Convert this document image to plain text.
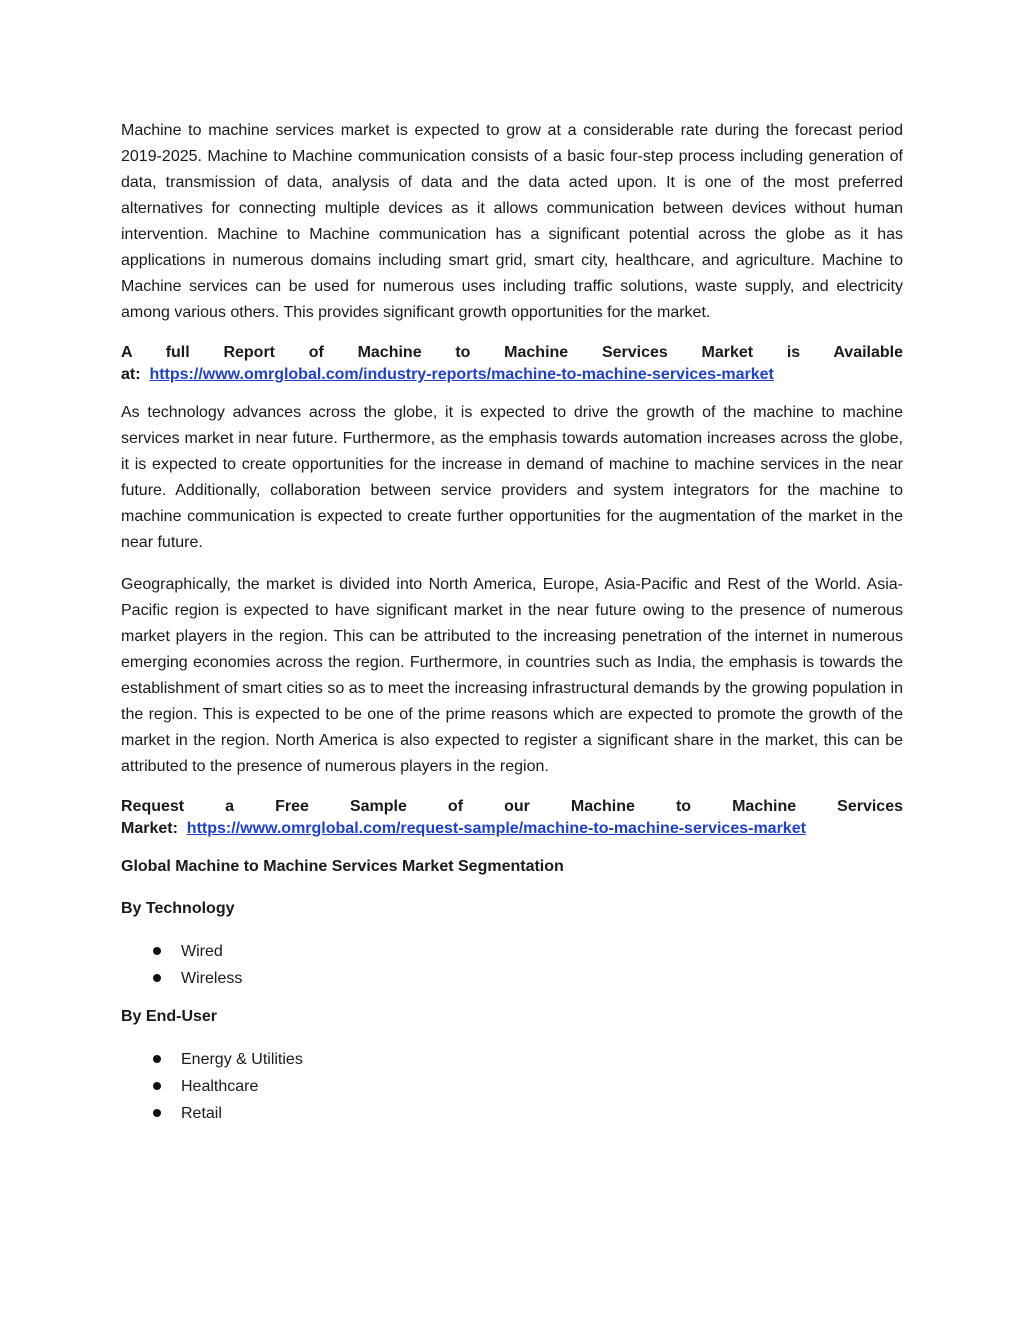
Machine to machine services market is expected to grow at a considerable rate during the forecast period 2019-2025. Machine to Machine communication consists of a basic four-step process including generation of data, transmission of data, analysis of data and the data acted upon. It is one of the most preferred alternatives for connecting multiple devices as it allows communication between devices without human intervention. Machine to Machine communication has a significant potential across the globe as it has applications in numerous domains including smart grid, smart city, healthcare, and agriculture. Machine to Machine services can be used for numerous uses including traffic solutions, waste supply, and electricity among various others. This provides significant growth opportunities for the market.

A full Report of Machine to Machine Services Market is Available
at: https://www.omrglobal.com/industry-reports/machine-to-machine-services-market

As technology advances across the globe, it is expected to drive the growth of the machine to machine services market in near future. Furthermore, as the emphasis towards automation increases across the globe, it is expected to create opportunities for the increase in demand of machine to machine services in the near future. Additionally, collaboration between service providers and system integrators for the machine to machine communication is expected to create further opportunities for the augmentation of the market in the near future.

Geographically, the market is divided into North America, Europe, Asia-Pacific and Rest of the World. Asia-Pacific region is expected to have significant market in the near future owing to the presence of numerous market players in the region. This can be attributed to the increasing penetration of the internet in numerous emerging economies across the region. Furthermore, in countries such as India, the emphasis is towards the establishment of smart cities so as to meet the increasing infrastructural demands by the growing population in the region. This is expected to be one of the prime reasons which are expected to promote the growth of the market in the region. North America is also expected to register a significant share in the market, this can be attributed to the presence of numerous players in the region.

Request a Free Sample of our Machine to Machine Services
Market: https://www.omrglobal.com/request-sample/machine-to-machine-services-market
Global Machine to Machine Services Market Segmentation
By Technology
Wired
Wireless
By End-User
Energy & Utilities
Healthcare
Retail
